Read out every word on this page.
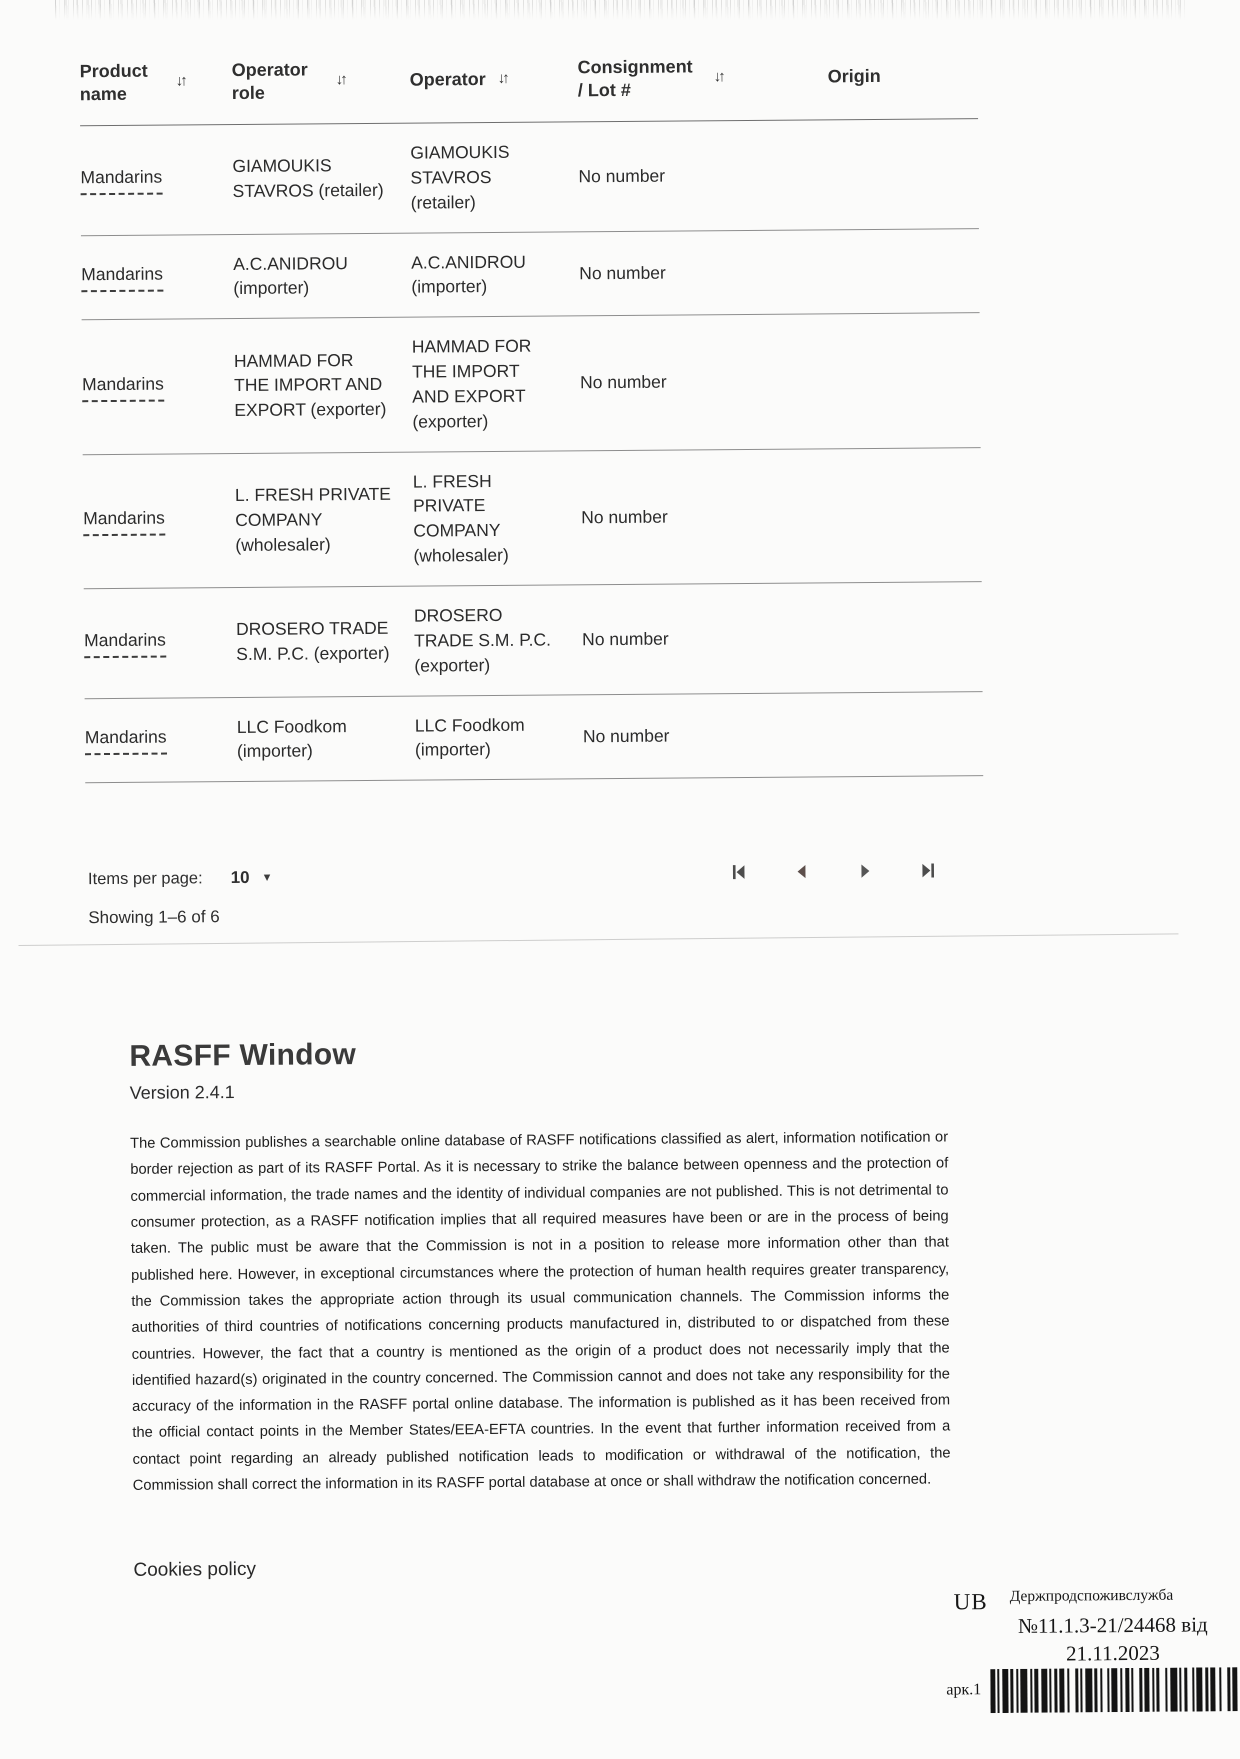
Product name
↓↑
Operator role
↓↑	Operator ↓↑
Consignment / Lot #
↓↑	Origin
Mandarins
GIAMOUKIS STAVROS (retailer)
GIAMOUKIS STAVROS (retailer)
No number
Mandarins
A.C.ANIDROU (importer)
A.C.ANIDROU (importer)
No number
Mandarins
HAMMAD FOR THE IMPORT AND EXPORT (exporter)
HAMMAD FOR THE IMPORT AND EXPORT (exporter)
No number
Mandarins
L. FRESH PRIVATE COMPANY (wholesaler)
L. FRESH PRIVATE COMPANY (wholesaler)
No number
Mandarins
DROSERO TRADE S.M. P.C. (exporter)
DROSERO TRADE S.M. P.C. (exporter)
No number
Mandarins
LLC Foodkom (importer)
LLC Foodkom (importer)
No number
Items per page: 10 ▼
Showing 1–6 of 6
RASFF Window
Version 2.4.1

The Commission publishes a searchable online database of RASFF notifications classified as alert, information notification or border rejection as part of its RASFF Portal. As it is necessary to strike the balance between openness and the protection of commercial information, the trade names and the identity of individual companies are not published. This is not detrimental to consumer protection, as a RASFF notification implies that all required measures have been or are in the process of being taken. The public must be aware that the Commission is not in a position to release more information other than that published here. However, in exceptional circumstances where the protection of human health requires greater transparency, the Commission takes the appropriate action through its usual communication channels. The Commission informs the authorities of third countries of notifications concerning products manufactured in, distributed to or dispatched from these countries. However, the fact that a country is mentioned as the origin of a product does not necessarily imply that the identified hazard(s) originated in the country concerned. The Commission cannot and does not take any responsibility for the accuracy of the information in the RASFF portal online database. The information is published as it has been received from the official contact points in the Member States/EEA-EFTA countries. In the event that further information received from a contact point regarding an already published notification leads to modification or withdrawal of the notification, the Commission shall correct the information in its RASFF portal database at once or shall withdraw the notification concerned.

Cookies policy
UB Держпродспоживслужба
№11.1.3-21/24468 від
21.11.2023
арк.1
